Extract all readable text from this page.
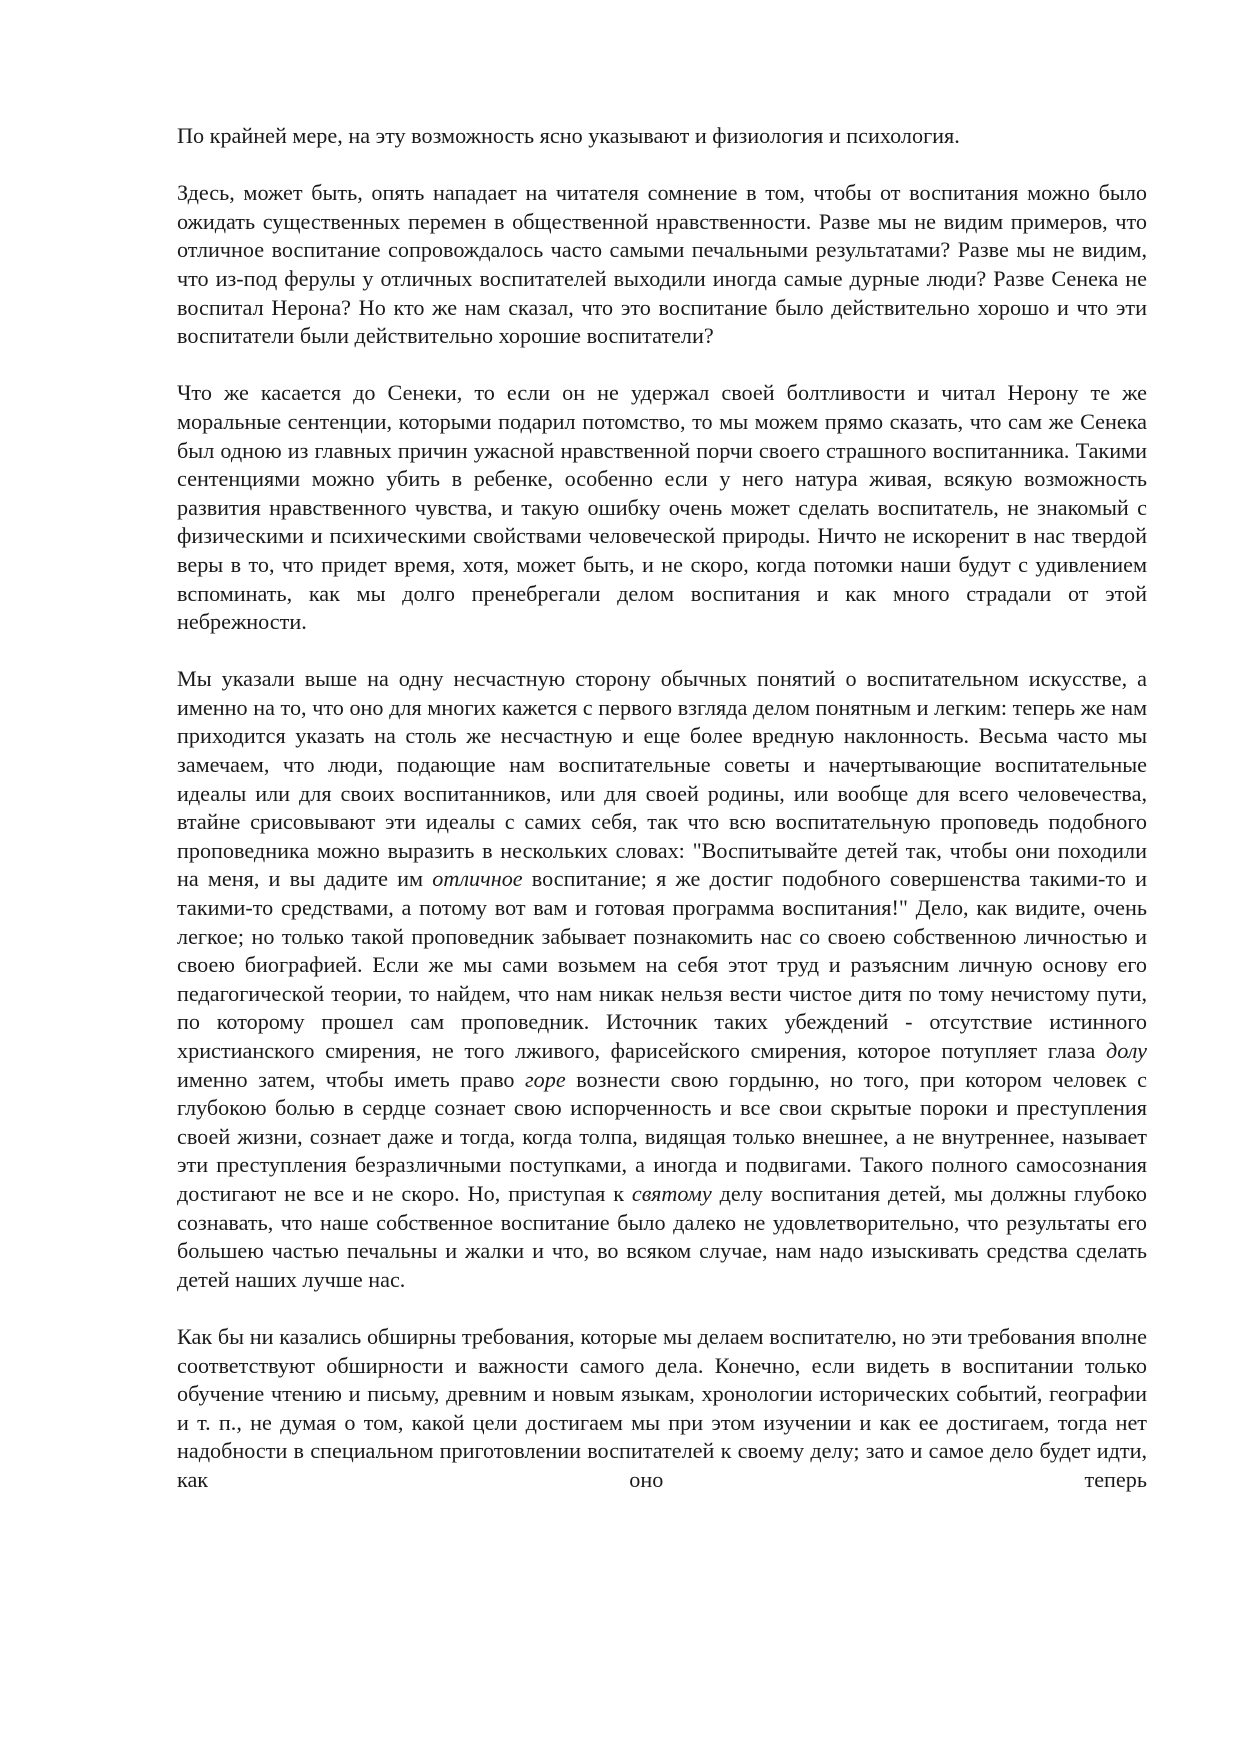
По крайней мере, на эту возможность ясно указывают и физиология и психология.

Здесь, может быть, опять нападает на читателя сомнение в том, чтобы от воспитания можно было ожидать существенных перемен в общественной нравственности. Разве мы не видим примеров, что отличное воспитание сопровождалось часто самыми печальными результатами? Разве мы не видим, что из-под ферулы у отличных воспитателей выходили иногда самые дурные люди? Разве Сенека не воспитал Нерона? Но кто же нам сказал, что это воспитание было действительно хорошо и что эти воспитатели были действительно хорошие воспитатели?

Что же касается до Сенеки, то если он не удержал своей болтливости и читал Нерону те же моральные сентенции, которыми подарил потомство, то мы можем прямо сказать, что сам же Сенека был одною из главных причин ужасной нравственной порчи своего страшного воспитанника. Такими сентенциями можно убить в ребенке, особенно если у него натура живая, всякую возможность развития нравственного чувства, и такую ошибку очень может сделать воспитатель, не знакомый с физическими и психическими свойствами человеческой природы. Ничто не искоренит в нас твердой веры в то, что придет время, хотя, может быть, и не скоро, когда потомки наши будут с удивлением вспоминать, как мы долго пренебрегали делом воспитания и как много страдали от этой небрежности.

Мы указали выше на одну несчастную сторону обычных понятий о воспитательном искусстве, а именно на то, что оно для многих кажется с первого взгляда делом понятным и легким: теперь же нам приходится указать на столь же несчастную и еще более вредную наклонность. Весьма часто мы замечаем, что люди, подающие нам воспитательные советы и начертывающие воспитательные идеалы или для своих воспитанников, или для своей родины, или вообще для всего человечества, втайне срисовывают эти идеалы с самих себя, так что всю воспитательную проповедь подобного проповедника можно выразить в нескольких словах: "Воспитывайте детей так, чтобы они походили на меня, и вы дадите им отличное воспитание; я же достиг подобного совершенства такими-то и такими-то средствами, а потому вот вам и готовая программа воспитания!" Дело, как видите, очень легкое; но только такой проповедник забывает познакомить нас со своею собственною личностью и своею биографией. Если же мы сами возьмем на себя этот труд и разъясним личную основу его педагогической теории, то найдем, что нам никак нельзя вести чистое дитя по тому нечистому пути, по которому прошел сам проповедник. Источник таких убеждений - отсутствие истинного христианского смирения, не того лживого, фарисейского смирения, которое потупляет глаза долу именно затем, чтобы иметь право горе вознести свою гордыню, но того, при котором человек с глубокою болью в сердце сознает свою испорченность и все свои скрытые пороки и преступления своей жизни, сознает даже и тогда, когда толпа, видящая только внешнее, а не внутреннее, называет эти преступления безразличными поступками, а иногда и подвигами. Такого полного самосознания достигают не все и не скоро. Но, приступая к святому делу воспитания детей, мы должны глубоко сознавать, что наше собственное воспитание было далеко не удовлетворительно, что результаты его большею частью печальны и жалки и что, во всяком случае, нам надо изыскивать средства сделать детей наших лучше нас.

Как бы ни казались обширны требования, которые мы делаем воспитателю, но эти требования вполне соответствуют обширности и важности самого дела. Конечно, если видеть в воспитании только обучение чтению и письму, древним и новым языкам, хронологии исторических событий, географии и т. п., не думая о том, какой цели достигаем мы при этом изучении и как ее достигаем, тогда нет надобности в специальном приготовлении воспитателей к своему делу; зато и самое дело будет идти, как оно теперь
